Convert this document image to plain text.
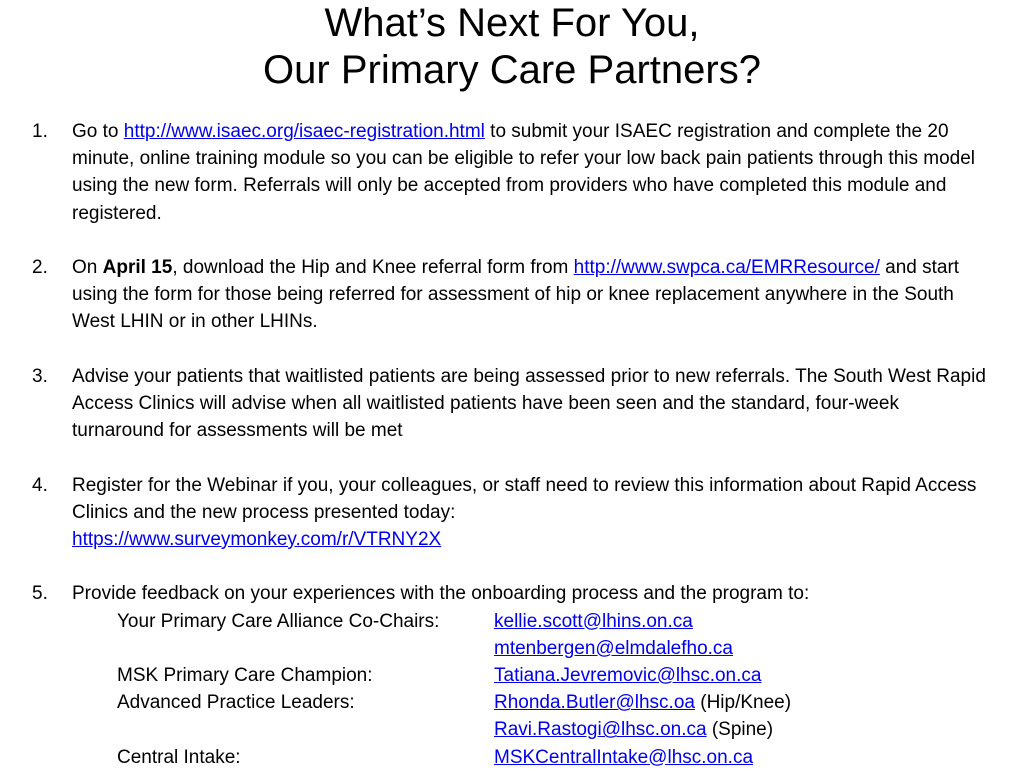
What’s Next For You,
Our Primary Care Partners?
1. Go to http://www.isaec.org/isaec-registration.html to submit your ISAEC registration and complete the 20 minute, online training module so you can be eligible to refer your low back pain patients through this model using the new form. Referrals will only be accepted from providers who have completed this module and registered.
2. On April 15, download the Hip and Knee referral form from http://www.swpca.ca/EMRResource/ and start using the form for those being referred for assessment of hip or knee replacement anywhere in the South West LHIN or in other LHINs.
3. Advise your patients that waitlisted patients are being assessed prior to new referrals. The South West Rapid Access Clinics will advise when all waitlisted patients have been seen and the standard, four-week turnaround for assessments will be met
4. Register for the Webinar if you, your colleagues, or staff need to review this information about Rapid Access Clinics and the new process presented today:
https://www.surveymonkey.com/r/VTRNY2X
5. Provide feedback on your experiences with the onboarding process and the program to:
Your Primary Care Alliance Co-Chairs:	kellie.scott@lhins.on.ca
mtenbergen@elmdalefho.ca
MSK Primary Care Champion:	Tatiana.Jevremovic@lhsc.on.ca
Advanced Practice Leaders:	Rhonda.Butler@lhsc.oa (Hip/Knee)
Ravi.Rastogi@lhsc.on.ca (Spine)
Central Intake:	MSKCentralIntake@lhsc.on.ca
